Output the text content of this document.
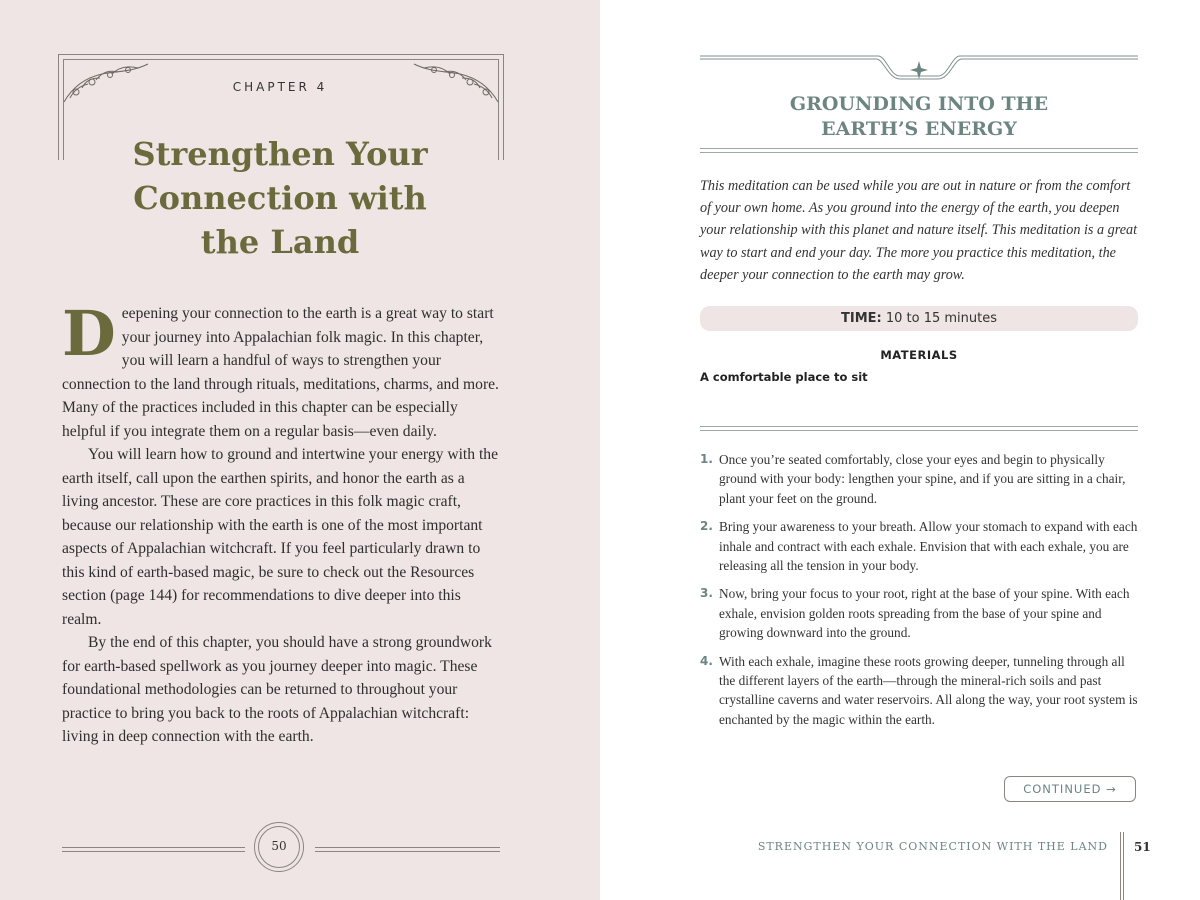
CHAPTER 4
Strengthen Your
Connection with
the Land

Deepening your connection to the earth is a great way to start your journey into Appalachian folk magic. In this chapter, you will learn a handful of ways to strengthen your connection to the land through rituals, meditations, charms, and more. Many of the practices included in this chapter can be especially helpful if you integrate them on a regular basis—even daily.

You will learn how to ground and intertwine your energy with the earth itself, call upon the earthen spirits, and honor the earth as a living ancestor. These are core practices in this folk magic craft, because our relationship with the earth is one of the most important aspects of Appalachian witchcraft. If you feel particularly drawn to this kind of earth-based magic, be sure to check out the Resources section (page 144) for recommendations to dive deeper into this realm.

By the end of this chapter, you should have a strong groundwork for earth-based spellwork as you journey deeper into magic. These foundational methodologies can be returned to throughout your practice to bring you back to the roots of Appalachian witchcraft: living in deep connection with the earth.

50
GROUNDING INTO THE
EARTH’S ENERGY

This meditation can be used while you are out in nature or from the comfort of your own home. As you ground into the energy of the earth, you deepen your relationship with this planet and nature itself. This meditation is a great way to start and end your day. The more you practice this meditation, the deeper your connection to the earth may grow.

TIME: 10 to 15 minutes
MATERIALS

A comfortable place to sit

1. Once you’re seated comfortably, close your eyes and begin to physically ground with your body: lengthen your spine, and if you are sitting in a chair, plant your feet on the ground.
2. Bring your awareness to your breath. Allow your stomach to expand with each inhale and contract with each exhale. Envision that with each exhale, you are releasing all the tension in your body.
3. Now, bring your focus to your root, right at the base of your spine. With each exhale, envision golden roots spreading from the base of your spine and growing downward into the ground.
4. With each exhale, imagine these roots growing deeper, tunneling through all the different layers of the earth—through the mineral-rich soils and past crystalline caverns and water reservoirs. All along the way, your root system is enchanted by the magic within the earth.
CONTINUED →
STRENGTHEN YOUR CONNECTION WITH THE LAND 51
